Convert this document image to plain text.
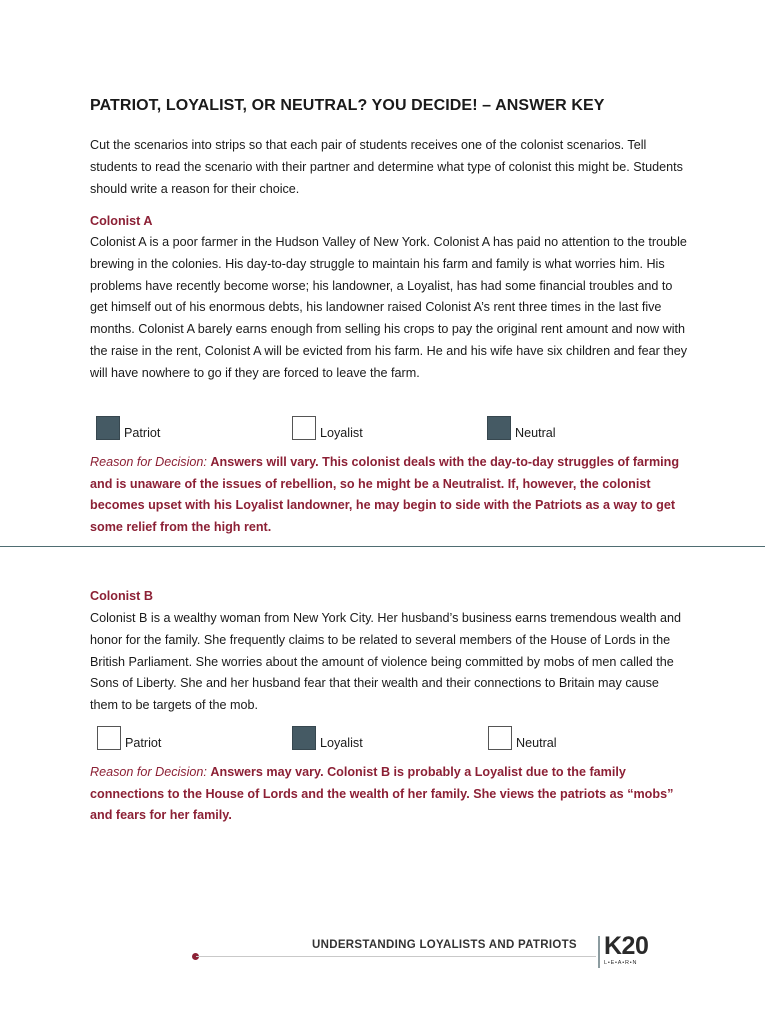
PATRIOT, LOYALIST, OR NEUTRAL? YOU DECIDE! – ANSWER KEY
Cut the scenarios into strips so that each pair of students receives one of the colonist scenarios. Tell students to read the scenario with their partner and determine what type of colonist this might be. Students should write a reason for their choice.
Colonist A
Colonist A is a poor farmer in the Hudson Valley of New York. Colonist A has paid no attention to the trouble brewing in the colonies. His day-to-day struggle to maintain his farm and family is what worries him. His problems have recently become worse; his landowner, a Loyalist, has had some financial troubles and to get himself out of his enormous debts, his landowner raised Colonist A’s rent three times in the last five months. Colonist A barely earns enough from selling his crops to pay the original rent amount and now with the raise in the rent, Colonist A will be evicted from his farm. He and his wife have six children and fear they will have nowhere to go if they are forced to leave the farm.
Patriot	Loyalist	Neutral
Reason for Decision: Answers will vary. This colonist deals with the day-to-day struggles of farming and is unaware of the issues of rebellion, so he might be a Neutralist. If, however, the colonist becomes upset with his Loyalist landowner, he may begin to side with the Patriots as a way to get some relief from the high rent.
Colonist B
Colonist B is a wealthy woman from New York City. Her husband’s business earns tremendous wealth and honor for the family. She frequently claims to be related to several members of the House of Lords in the British Parliament. She worries about the amount of violence being committed by mobs of men called the Sons of Liberty. She and her husband fear that their wealth and their connections to Britain may cause them to be targets of the mob.
Patriot	Loyalist	Neutral
Reason for Decision: Answers may vary. Colonist B is probably a Loyalist due to the family connections to the House of Lords and the wealth of her family. She views the patriots as “mobs” and fears for her family.
UNDERSTANDING LOYALISTS AND PATRIOTS K20
L•E•A•R•N
